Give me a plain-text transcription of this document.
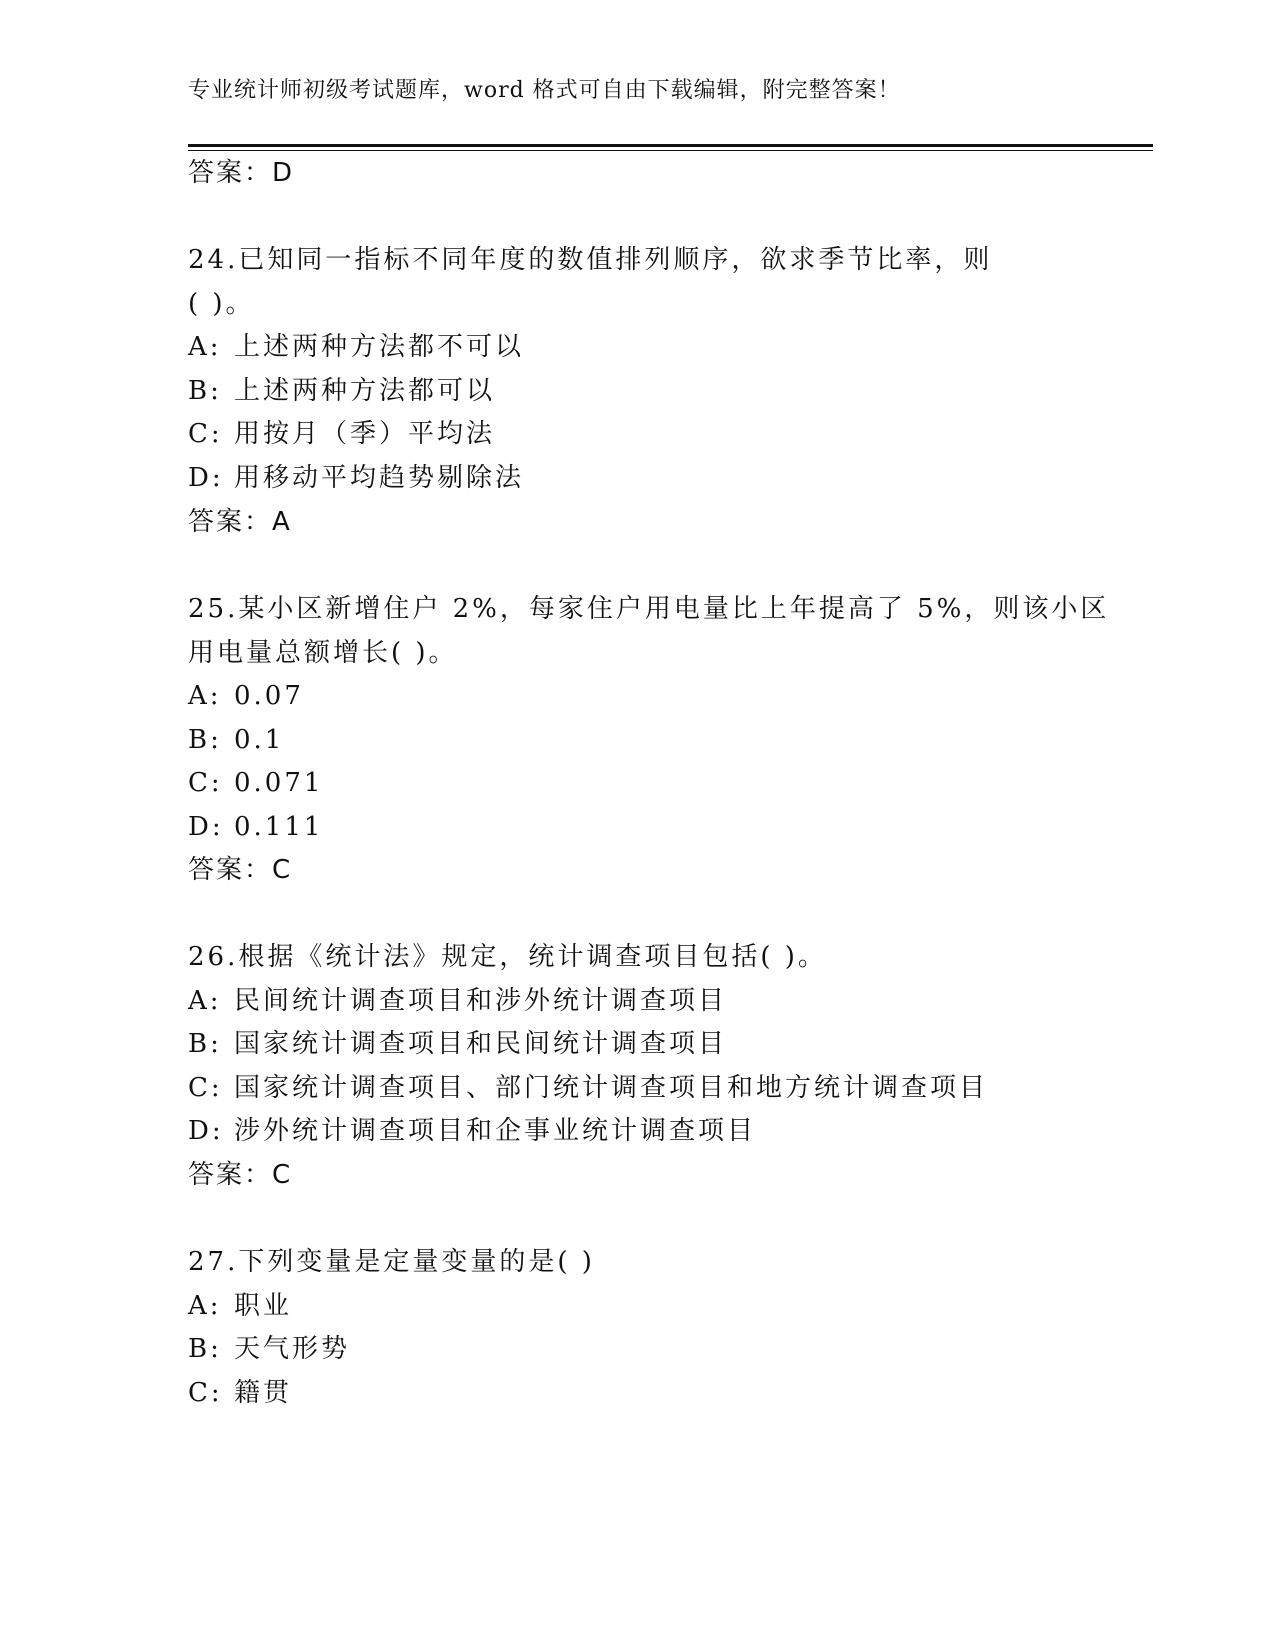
专业统计师初级考试题库，word 格式可自由下载编辑，附完整答案！
答案：D
24.已知同一指标不同年度的数值排列顺序，欲求季节比率，则
( )。
A: 上述两种方法都不可以
B: 上述两种方法都可以
C: 用按月（季）平均法
D: 用移动平均趋势剔除法
答案：A
25.某小区新增住户 2%，每家住户用电量比上年提高了 5%，则该小区
用电量总额增长( )。
A: 0.07
B: 0.1
C: 0.071
D: 0.111
答案：C
26.根据《统计法》规定，统计调查项目包括( )。
A: 民间统计调查项目和涉外统计调查项目
B: 国家统计调查项目和民间统计调查项目
C: 国家统计调查项目、部门统计调查项目和地方统计调查项目
D: 涉外统计调查项目和企事业统计调查项目
答案：C
27.下列变量是定量变量的是( )
A: 职业
B: 天气形势
C: 籍贯
